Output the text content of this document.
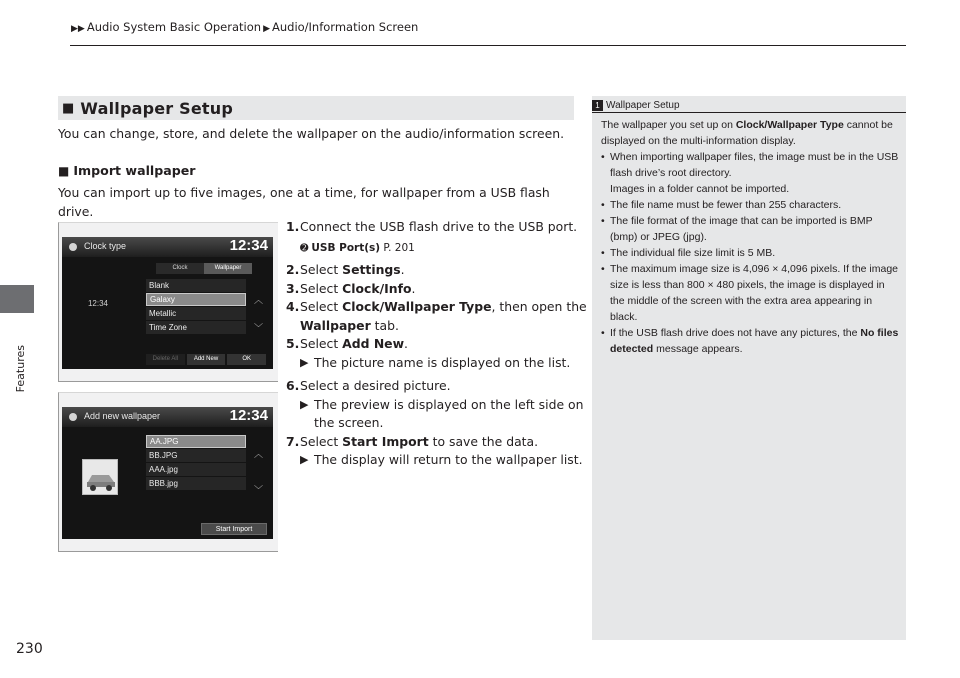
▶▶ Audio System Basic Operation ▶ Audio/Information Screen
Features
230
■ Wallpaper Setup
You can change, store, and delete the wallpaper on the audio/information screen.
■ Import wallpaper
You can import up to five images, one at a time, for wallpaper from a USB flash drive.
Clock type	12:34
Clock	Wallpaper
12:34
Blank
Galaxy
Metallic
Time Zone
︿
﹀
Delete All	Add New	OK
Add new wallpaper	12:34
AA.JPG
BB.JPG
AAA.jpg
BBB.jpg
︿
﹀
Start Import
1. Connect the USB flash drive to the USB port.
➋ USB Port(s) P. 201
2. Select Settings.
3. Select Clock/Info.
4. Select Clock/Wallpaper Type, then open the Wallpaper tab.
5. Select Add New.
▶ The picture name is displayed on the list.
6. Select a desired picture.
▶ The preview is displayed on the left side on the screen.
7. Select Start Import to save the data.
▶ The display will return to the wallpaper list.
1 Wallpaper Setup
The wallpaper you set up on Clock/Wallpaper Type cannot be displayed on the multi-information display.
• When importing wallpaper files, the image must be in the USB flash drive’s root directory.
Images in a folder cannot be imported.
• The file name must be fewer than 255 characters.
• The file format of the image that can be imported is BMP (bmp) or JPEG (jpg).
• The individual file size limit is 5 MB.
• The maximum image size is 4,096 × 4,096 pixels. If the image size is less than 800 × 480 pixels, the image is displayed in the middle of the screen with the extra area appearing in black.
• If the USB flash drive does not have any pictures, the No files detected message appears.
